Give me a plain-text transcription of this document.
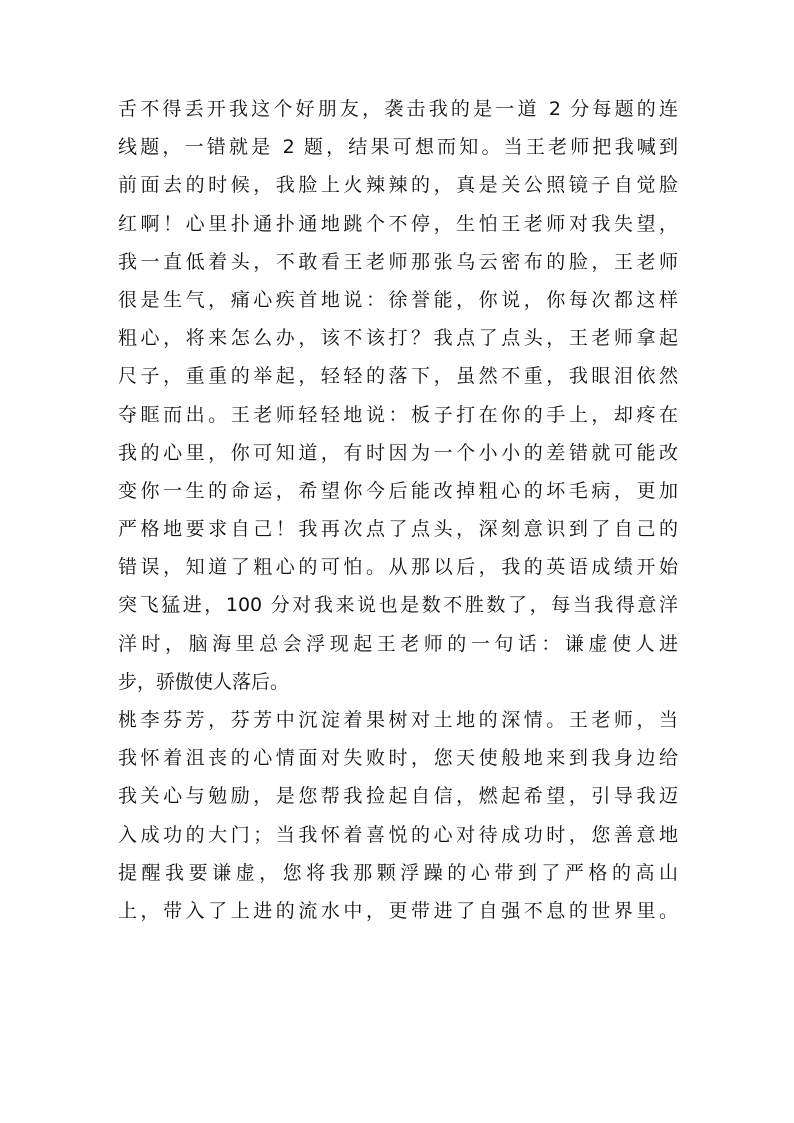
舌不得丢开我这个好朋友，袭击我的是一道 2 分每题的连
线题，一错就是 2 题，结果可想而知。当王老师把我喊到
前面去的时候，我脸上火辣辣的，真是关公照镜子自觉脸
红啊！心里扑通扑通地跳个不停，生怕王老师对我失望，
我一直低着头，不敢看王老师那张乌云密布的脸，王老师
很是生气，痛心疾首地说：徐誉能，你说，你每次都这样
粗心，将来怎么办，该不该打？我点了点头，王老师拿起
尺子，重重的举起，轻轻的落下，虽然不重，我眼泪依然
夺眶而出。王老师轻轻地说：板子打在你的手上，却疼在
我的心里，你可知道，有时因为一个小小的差错就可能改
变你一生的命运，希望你今后能改掉粗心的坏毛病，更加
严格地要求自己！我再次点了点头，深刻意识到了自己的
错误，知道了粗心的可怕。从那以后，我的英语成绩开始
突飞猛进，100 分对我来说也是数不胜数了，每当我得意洋
洋时，脑海里总会浮现起王老师的一句话：谦虚使人进
步，骄傲使人落后。
桃李芬芳，芬芳中沉淀着果树对土地的深情。王老师，当
我怀着沮丧的心情面对失败时，您天使般地来到我身边给
我关心与勉励，是您帮我捡起自信，燃起希望，引导我迈
入成功的大门；当我怀着喜悦的心对待成功时，您善意地
提醒我要谦虚，您将我那颗浮躁的心带到了严格的高山
上，带入了上进的流水中，更带进了自强不息的世界里。
